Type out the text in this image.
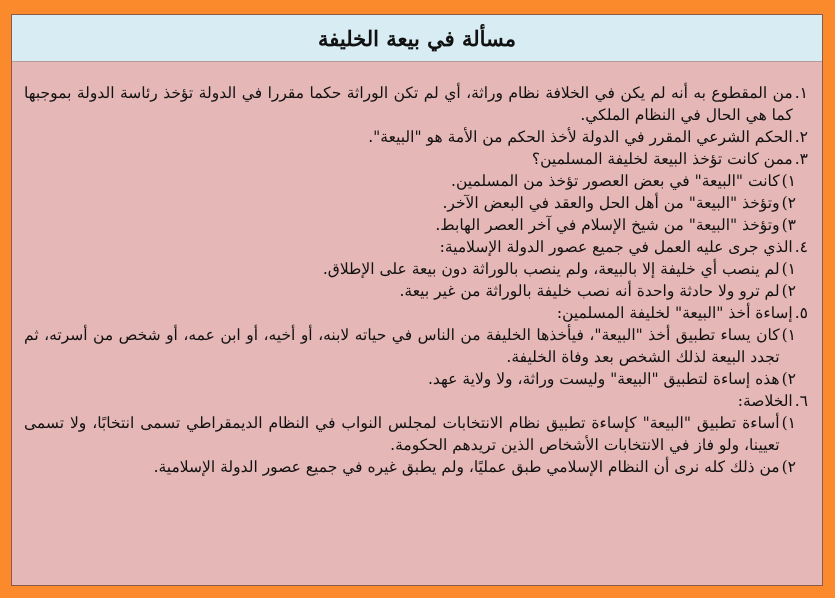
مسألة في بيعة الخليفة
١.
من المقطوع به أنه لم يكن في الخلافة نظام وراثة، أي لم تكن الوراثة حكما مقررا في الدولة تؤخذ رئاسة الدولة بموجبها كما هي الحال في النظام الملكي.
٢.
الحكم الشرعي المقرر في الدولة لأخذ الحكم من الأمة هو "البيعة".
٣.
ممن كانت تؤخذ البيعة لخليفة المسلمين؟
١)
كانت "البيعة" في بعض العصور تؤخذ من المسلمين.
٢)
وتؤخذ "البيعة" من أهل الحل والعقد في البعض الآخر.
٣)
وتؤخذ "البيعة" من شيخ الإسلام في آخر العصر الهابط.
٤.
الذي جرى عليه العمل في جميع عصور الدولة الإسلامية:
١)
لم ينصب أي خليفة إلا بالبيعة، ولم ينصب بالوراثة دون بيعة على الإطلاق.
٢)
لم ترو ولا حادثة واحدة أنه نصب خليفة بالوراثة من غير بيعة.
٥.
إساءة أخذ "البيعة" لخليفة المسلمين:
١)
كان يساء تطبيق أخذ "البيعة"، فيأخذها الخليفة من الناس في حياته لابنه، أو أخيه، أو ابن عمه، أو شخص من أسرته، ثم تجدد البيعة لذلك الشخص بعد وفاة الخليفة.
٢)
هذه إساءة لتطبيق "البيعة" وليست وراثة، ولا ولاية عهد.
٦.
الخلاصة:
١)
أساءة تطبيق "البيعة" كإساءة تطبيق نظام الانتخابات لمجلس النواب في النظام الديمقراطي تسمى انتخابًا، ولا تسمى تعيينا، ولو فاز في الانتخابات الأشخاص الذين تريدهم الحكومة.
٢)
من ذلك كله نرى أن النظام الإسلامي طبق عمليًا، ولم يطبق غيره في جميع عصور الدولة الإسلامية.
